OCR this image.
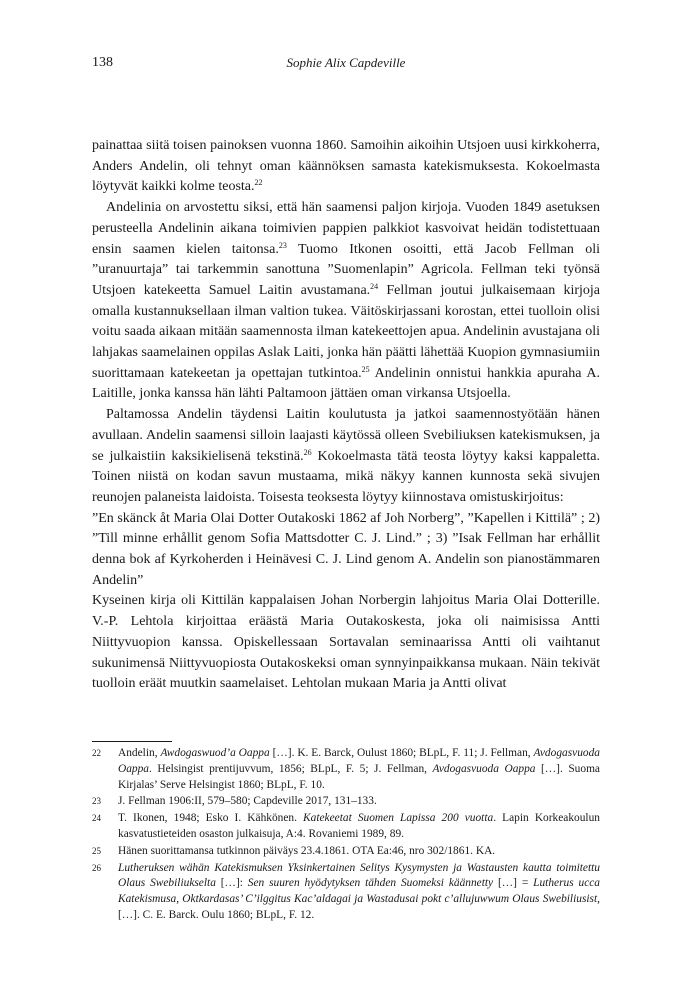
138	Sophie Alix Capdeville

painattaa siitä toisen painoksen vuonna 1860. Samoihin aikoihin Utsjoen uusi kirkkoherra, Anders Andelin, oli tehnyt oman käännöksen samasta katekismuksesta. Kokoelmasta löytyvät kaikki kolme teosta.$^{22}$

Andelinia on arvostettu siksi, että hän saamensi paljon kirjoja. Vuoden 1849 asetuksen perusteella Andelinin aikana toimivien pappien palkkiot kasvoivat heidän todistettuaan ensin saamen kielen taitonsa.$^{23}$ Tuomo Itkonen osoitti, että Jacob Fellman oli ”uranuurtaja” tai tarkemmin sanottuna ”Suomenlapin” Agricola. Fellman teki työnsä Utsjoen katekeetta Samuel Laitin avustamana.$^{24}$ Fellman joutui julkaisemaan kirjoja omalla kustannuksellaan ilman valtion tukea. Väitöskirjassani korostan, ettei tuolloin olisi voitu saada aikaan mitään saamennosta ilman katekeettojen apua. Andelinin avustajana oli lahjakas saamelainen oppilas Aslak Laiti, jonka hän päätti lähettää Kuopion gymnasiumiin suorittamaan katekeetan ja opettajan tutkintoa.$^{25}$ Andelinin onnistui hankkia apuraha A. Laitille, jonka kanssa hän lähti Paltamoon jättäen oman virkansa Utsjoella.

Paltamossa Andelin täydensi Laitin koulutusta ja jatkoi saamennostyötään hänen avullaan. Andelin saamensi silloin laajasti käytössä olleen Svebiliuksen katekismuksen, ja se julkaistiin kaksikielisenä tekstinä.$^{26}$ Kokoelmasta tätä teosta löytyy kaksi kappaletta. Toinen niistä on kodan savun mustaama, mikä näkyy kannen kunnosta sekä sivujen reunojen palaneista laidoista. Toisesta teoksesta löytyy kiinnostava omistuskirjoitus:

”En skänck åt Maria Olai Dotter Outakoski 1862 af Joh Norberg”, ”Kapellen i Kittilä” ; 2) ”Till minne erhållit genom Sofia Mattsdotter C. J. Lind.” ; 3) ”Isak Fellman har erhållit denna bok af Kyrkoherden i Heinävesi C. J. Lind genom A. Andelin son pianostämmaren Andelin”

Kyseinen kirja oli Kittilän kappalaisen Johan Norbergin lahjoitus Maria Olai Dotterille. V.-P. Lehtola kirjoittaa eräästä Maria Outakoskesta, joka oli naimisissa Antti Niittyvuopion kanssa. Opiskellessaan Sortavalan seminaarissa Antti oli vaihtanut sukunimensä Niittyvuopiosta Outakoskeksi oman synnyinpaikkansa mukaan. Näin tekivät tuolloin eräät muutkin saamelaiset. Lehtolan mukaan Maria ja Antti olivat

22	Andelin, Awdogaswuod’a Oappa […]. K. E. Barck, Oulust 1860; BLpL, F. 11; J. Fellman, Avdogasvuoda Oappa. Helsingist prentijuvvum, 1856; BLpL, F. 5; J. Fellman, Avdogasvuoda Oappa […]. Suoma Kirjalas’ Serve Helsingist 1860; BLpL, F. 10.
23	J. Fellman 1906:II, 579–580; Capdeville 2017, 131–133.
24	T. Ikonen, 1948; Esko I. Kähkönen. Katekeetat Suomen Lapissa 200 vuotta. Lapin Korkeakoulun kasvatustieteiden osaston julkaisuja, A:4. Rovaniemi 1989, 89.
25	Hänen suorittamansa tutkinnon päiväys 23.4.1861. OTA Ea:46, nro 302/1861. KA.
26	Lutheruksen wähän Katekismuksen Yksinkertainen Selitys Kysymysten ja Wastausten kautta toimitettu Olaus Swebiliukselta […]: Sen suuren hyödytyksen tähden Suomeksi käännetty […] = Lutherus ucca Katekismusa, Oktkardasas’ C’ilggitus Kac’aldagai ja Wastadusai pokt c’allujuwwum Olaus Swebiliusist, […]. C. E. Barck. Oulu 1860; BLpL, F. 12.
